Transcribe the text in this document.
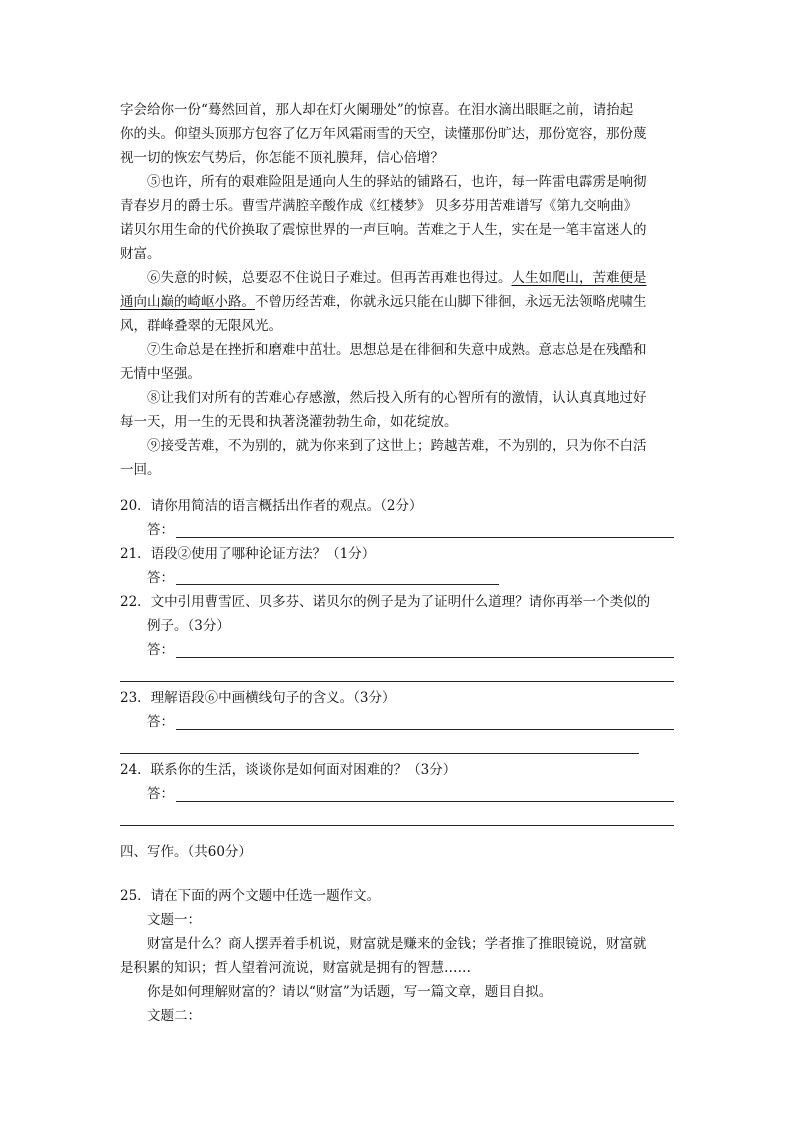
字会给你一份“蓦然回首，那人却在灯火阑珊处”的惊喜。在泪水滴出眼眶之前，请抬起
你的头。仰望头顶那方包容了亿万年风霜雨雪的天空，读懂那份旷达，那份宽容，那份蔑
视一切的恢宏气势后，你怎能不顶礼膜拜，信心倍增？
⑤也许，所有的艰难险阻是通向人生的驿站的铺路石，也许，每一阵雷电霹雳是响彻
青春岁月的爵士乐。曹雪芹满腔辛酸作成《红楼梦》 贝多芬用苦难谱写《第九交响曲》
诺贝尔用生命的代价换取了震惊世界的一声巨响。苦难之于人生，实在是一笔丰富迷人的
财富。
⑥失意的时候，总要忍不住说日子难过。但再苦再难也得过。人生如爬山，苦难便是
通向山巅的崎岖小路。不曾历经苦难，你就永远只能在山脚下徘徊，永远无法领略虎啸生
风，群峰叠翠的无限风光。
⑦生命总是在挫折和磨难中茁壮。思想总是在徘徊和失意中成熟。意志总是在残酷和
无情中坚强。
⑧让我们对所有的苦难心存感激，然后投入所有的心智所有的激情，认认真真地过好
每一天，用一生的无畏和执著浇灌勃勃生命，如花绽放。
⑨接受苦难，不为别的，就为你来到了这世上；跨越苦难，不为别的，只为你不白活
一回。
20．请你用简洁的语言概括出作者的观点。（2分）
答：
21．语段②使用了哪种论证方法？（1分）
答：
22．文中引用曹雪匠、贝多芬、诺贝尔的例子是为了证明什么道理？请你再举一个类似的
例子。（3分）
答：
23．理解语段⑥中画横线句子的含义。（3分）
答：
24．联系你的生活，谈谈你是如何面对困难的？（3分）
答：
四、写作。（共60分）
25．请在下面的两个文题中任选一题作文。
文题一：
财富是什么？商人摆弄着手机说，财富就是赚来的金钱；学者推了推眼镜说，财富就
是积累的知识；哲人望着河流说，财富就是拥有的智慧……
你是如何理解财富的？请以“财富”为话题，写一篇文章，题目自拟。
文题二：
